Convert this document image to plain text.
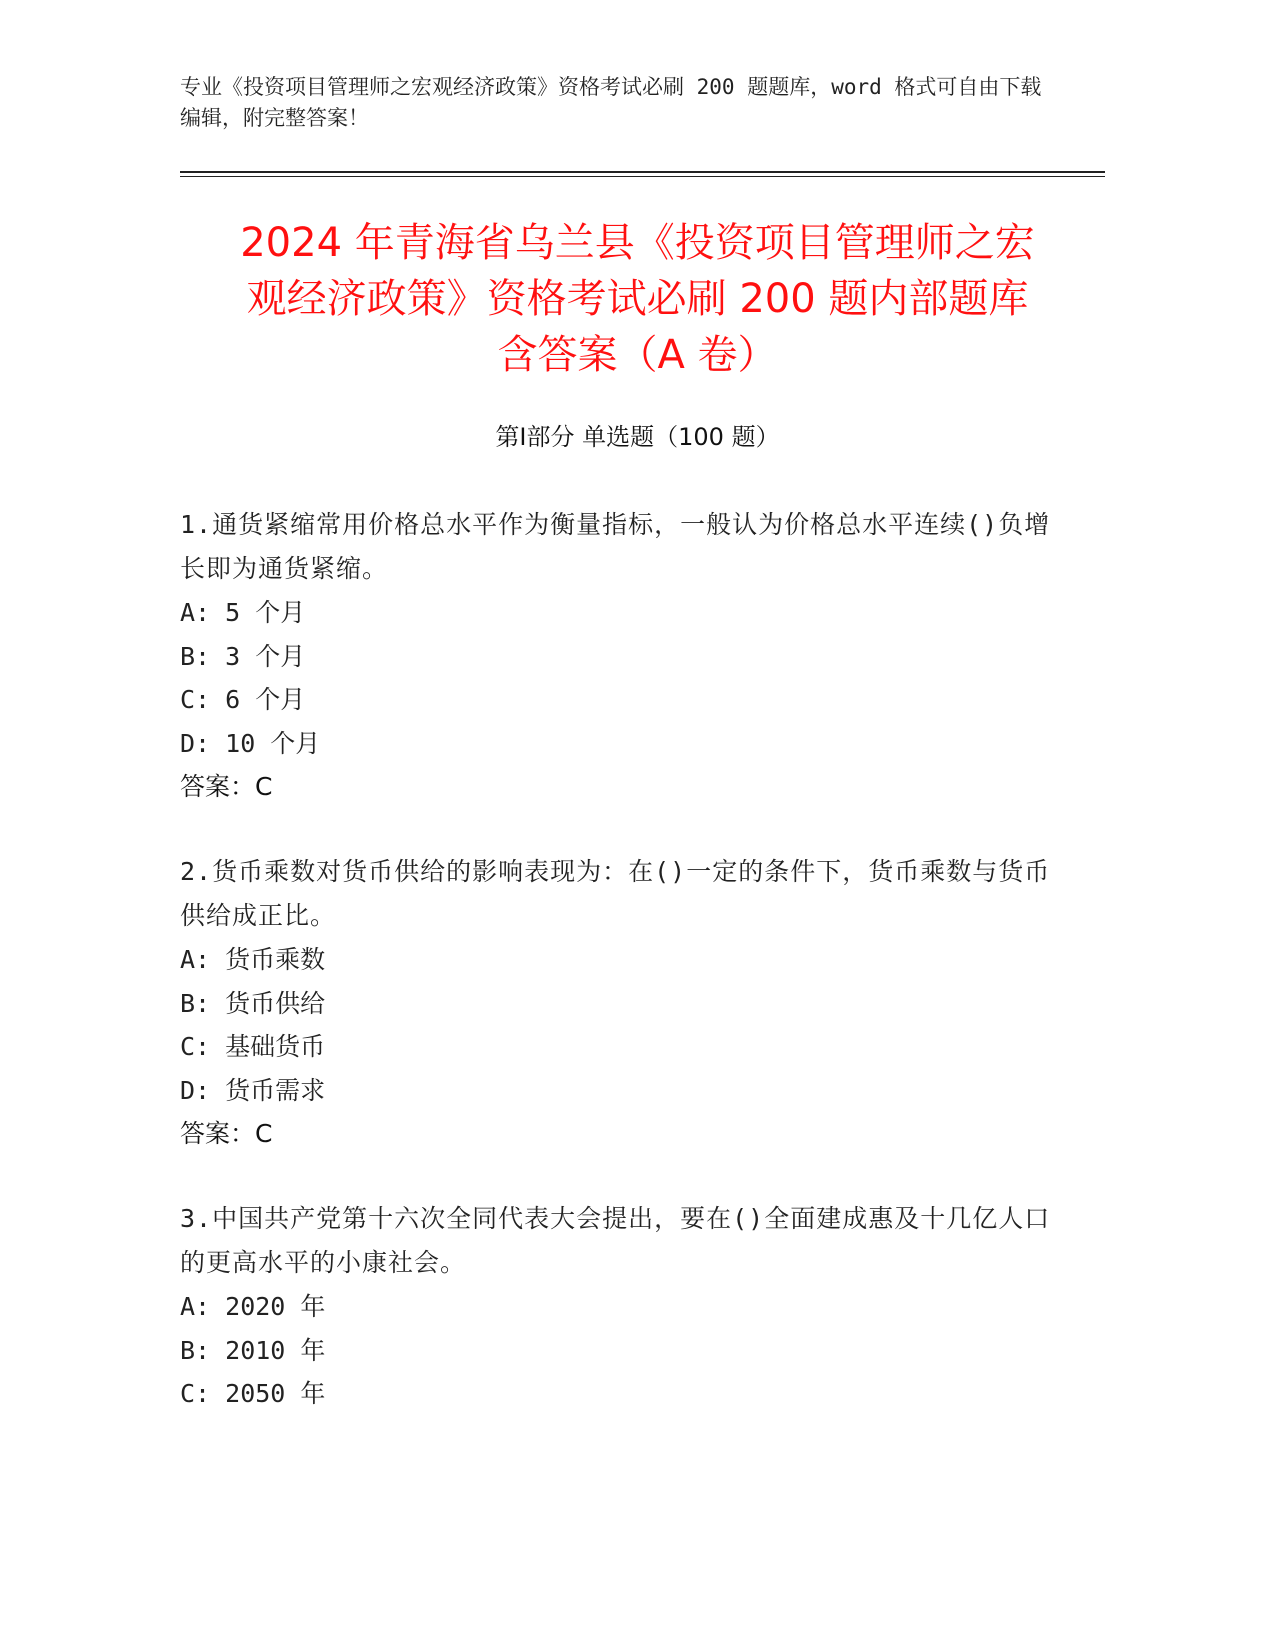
专业《投资项目管理师之宏观经济政策》资格考试必刷 200 题题库，word 格式可自由下载编辑，附完整答案！
2024 年青海省乌兰县《投资项目管理师之宏
观经济政策》资格考试必刷 200 题内部题库
含答案（A 卷）
第Ⅰ部分 单选题（100 题）
1.通货紧缩常用价格总水平作为衡量指标，一般认为价格总水平连续()负增长即为通货紧缩。
A: 5 个月
B: 3 个月
C: 6 个月
D: 10 个月
答案：C
2.货币乘数对货币供给的影响表现为：在()一定的条件下，货币乘数与货币供给成正比。
A: 货币乘数
B: 货币供给
C: 基础货币
D: 货币需求
答案：C
3.中国共产党第十六次全同代表大会提出，要在()全面建成惠及十几亿人口的更高水平的小康社会。
A: 2020 年
B: 2010 年
C: 2050 年
